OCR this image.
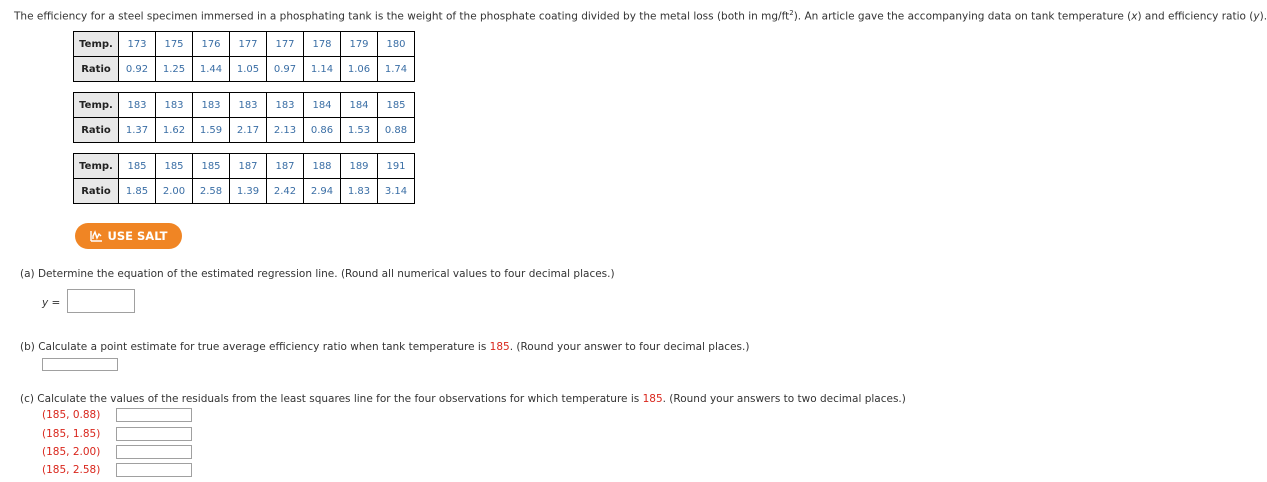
The efficiency for a steel specimen immersed in a phosphating tank is the weight of the phosphate coating divided by the metal loss (both in $mg/ft^2$). An article gave the accompanying data on tank temperature (x) and efficiency ratio (y).
Temp.	173	175	176	177	177	178	179	180
Ratio	0.92	1.25	1.44	1.05	0.97	1.14	1.06	1.74
Temp.	183	183	183	183	183	184	184	185
Ratio	1.37	1.62	1.59	2.17	2.13	0.86	1.53	0.88
Temp.	185	185	185	187	187	188	189	191
Ratio	1.85	2.00	2.58	1.39	2.42	2.94	1.83	3.14
USE SALT
(a) Determine the equation of the estimated regression line. (Round all numerical values to four decimal places.)
y =
(b) Calculate a point estimate for true average efficiency ratio when tank temperature is 185. (Round your answer to four decimal places.)
(c) Calculate the values of the residuals from the least squares line for the four observations for which temperature is 185. (Round your answers to two decimal places.)
(185, 0.88)
(185, 1.85)
(185, 2.00)
(185, 2.58)
